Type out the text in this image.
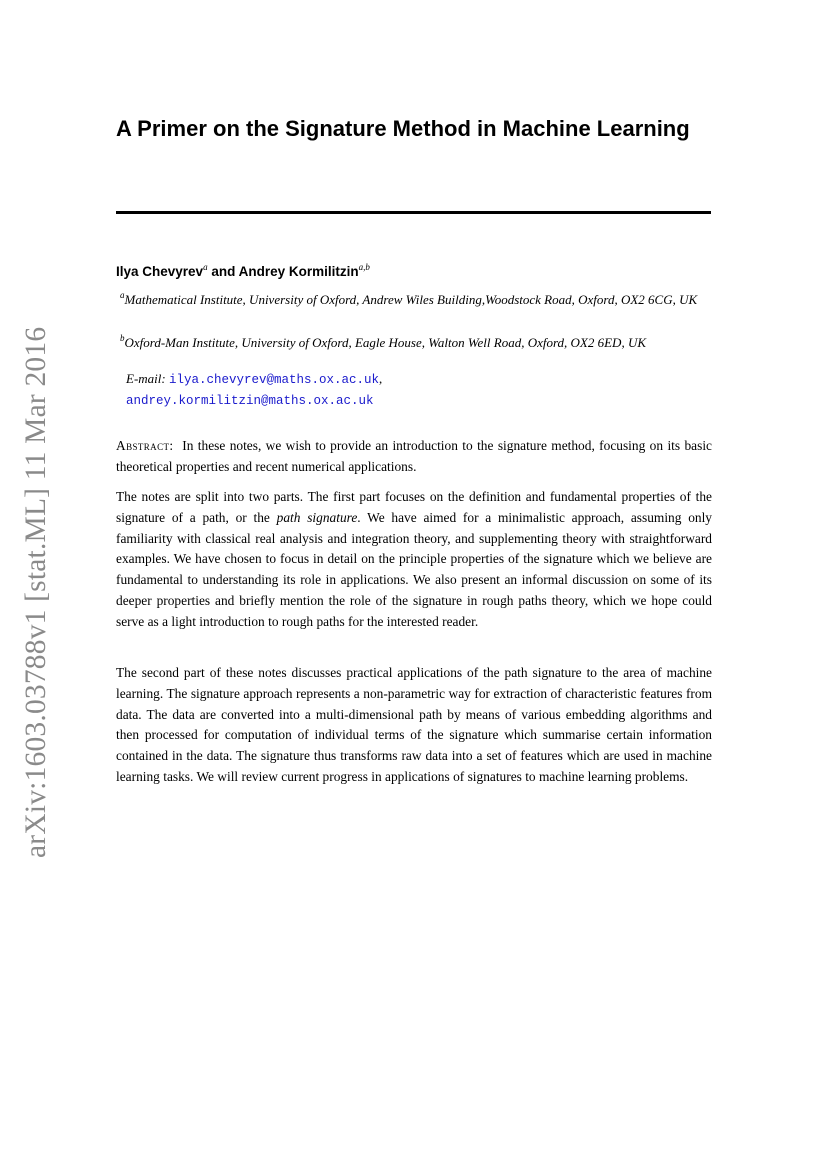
arXiv:1603.03788v1 [stat.ML] 11 Mar 2016
A Primer on the Signature Method in Machine Learning
Ilya Chevyrev$^a$ and Andrey Kormilitzin$^{a,b}$
$^a$Mathematical Institute, University of Oxford, Andrew Wiles Building,Woodstock Road, Oxford, OX2 6CG, UK
$^b$Oxford-Man Institute, University of Oxford, Eagle House, Walton Well Road, Oxford, OX2 6ED, UK
E-mail: ilya.chevyrev@maths.ox.ac.uk,
andrey.kormilitzin@maths.ox.ac.uk

Abstract: In these notes, we wish to provide an introduction to the signature method, focusing on its basic theoretical properties and recent numerical applications.

The notes are split into two parts. The first part focuses on the definition and fundamental properties of the signature of a path, or the path signature. We have aimed for a minimalistic approach, assuming only familiarity with classical real analysis and integration theory, and supplementing theory with straightforward examples. We have chosen to focus in detail on the principle properties of the signature which we believe are fundamental to understanding its role in applications. We also present an informal discussion on some of its deeper properties and briefly mention the role of the signature in rough paths theory, which we hope could serve as a light introduction to rough paths for the interested reader.

The second part of these notes discusses practical applications of the path signature to the area of machine learning. The signature approach represents a non-parametric way for extraction of characteristic features from data. The data are converted into a multi-dimensional path by means of various embedding algorithms and then processed for computation of individual terms of the signature which summarise certain information contained in the data. The signature thus transforms raw data into a set of features which are used in machine learning tasks. We will review current progress in applications of signatures to machine learning problems.
